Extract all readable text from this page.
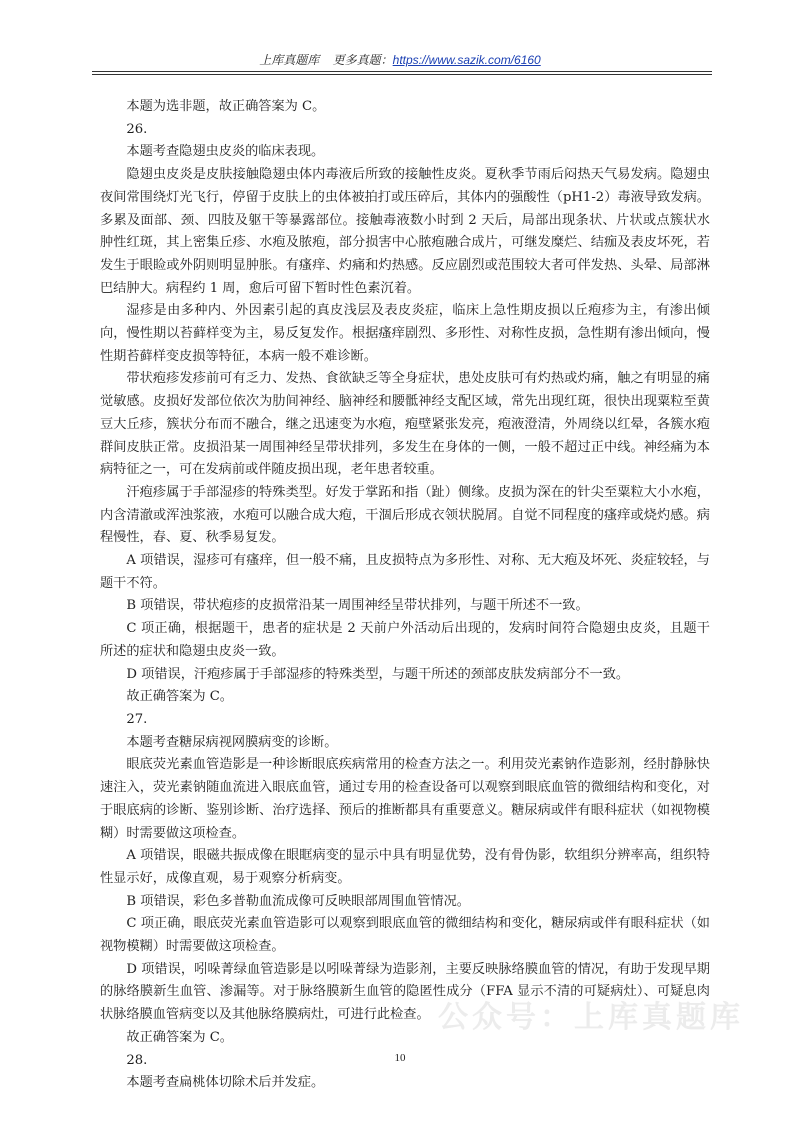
上库真题库 更多真题：https://www.sazik.com/6160

本题为选非题，故正确答案为 C。

26.

本题考查隐翅虫皮炎的临床表现。

隐翅虫皮炎是皮肤接触隐翅虫体内毒液后所致的接触性皮炎。夏秋季节雨后闷热天气易发病。隐翅虫夜间常围绕灯光飞行，停留于皮肤上的虫体被拍打或压碎后，其体内的强酸性（pH1-2）毒液导致发病。多累及面部、颈、四肢及躯干等暴露部位。接触毒液数小时到 2 天后，局部出现条状、片状或点簇状水肿性红斑，其上密集丘疹、水疱及脓疱，部分损害中心脓疱融合成片，可继发糜烂、结痂及表皮坏死，若发生于眼睑或外阴则明显肿胀。有瘙痒、灼痛和灼热感。反应剧烈或范围较大者可伴发热、头晕、局部淋巴结肿大。病程约 1 周，愈后可留下暂时性色素沉着。

湿疹是由多种内、外因素引起的真皮浅层及表皮炎症，临床上急性期皮损以丘疱疹为主，有渗出倾向，慢性期以苔藓样变为主，易反复发作。根据瘙痒剧烈、多形性、对称性皮损，急性期有渗出倾向，慢性期苔藓样变皮损等特征，本病一般不难诊断。

带状疱疹发疹前可有乏力、发热、食欲缺乏等全身症状，患处皮肤可有灼热或灼痛，触之有明显的痛觉敏感。皮损好发部位依次为肋间神经、脑神经和腰骶神经支配区域，常先出现红斑，很快出现粟粒至黄豆大丘疹，簇状分布而不融合，继之迅速变为水疱，疱壁紧张发亮，疱液澄清，外周绕以红晕，各簇水疱群间皮肤正常。皮损沿某一周围神经呈带状排列，多发生在身体的一侧，一般不超过正中线。神经痛为本病特征之一，可在发病前或伴随皮损出现，老年患者较重。

汗疱疹属于手部湿疹的特殊类型。好发于掌跖和指（趾）侧缘。皮损为深在的针尖至粟粒大小水疱，内含清澈或浑浊浆液，水疱可以融合成大疱，干涸后形成衣领状脱屑。自觉不同程度的瘙痒或烧灼感。病程慢性，春、夏、秋季易复发。

A 项错误，湿疹可有瘙痒，但一般不痛，且皮损特点为多形性、对称、无大疱及坏死、炎症较轻，与题干不符。

B 项错误，带状疱疹的皮损常沿某一周围神经呈带状排列，与题干所述不一致。

C 项正确，根据题干，患者的症状是 2 天前户外活动后出现的，发病时间符合隐翅虫皮炎，且题干所述的症状和隐翅虫皮炎一致。

D 项错误，汗疱疹属于手部湿疹的特殊类型，与题干所述的颈部皮肤发病部分不一致。

故正确答案为 C。

27.

本题考查糖尿病视网膜病变的诊断。

眼底荧光素血管造影是一种诊断眼底疾病常用的检查方法之一。利用荧光素钠作造影剂，经肘静脉快速注入，荧光素钠随血流进入眼底血管，通过专用的检查设备可以观察到眼底血管的微细结构和变化，对于眼底病的诊断、鉴别诊断、治疗选择、预后的推断都具有重要意义。糖尿病或伴有眼科症状（如视物模糊）时需要做这项检查。

A 项错误，眼磁共振成像在眼眶病变的显示中具有明显优势，没有骨伪影，软组织分辨率高，组织特性显示好，成像直观，易于观察分析病变。

B 项错误，彩色多普勒血流成像可反映眼部周围血管情况。

C 项正确，眼底荧光素血管造影可以观察到眼底血管的微细结构和变化，糖尿病或伴有眼科症状（如视物模糊）时需要做这项检查。

D 项错误，吲哚菁绿血管造影是以吲哚菁绿为造影剂，主要反映脉络膜血管的情况，有助于发现早期的脉络膜新生血管、渗漏等。对于脉络膜新生血管的隐匿性成分（FFA 显示不清的可疑病灶）、可疑息肉状脉络膜血管病变以及其他脉络膜病灶，可进行此检查。

故正确答案为 C。

28.

本题考查扁桃体切除术后并发症。

公众号：上库真题库
10
